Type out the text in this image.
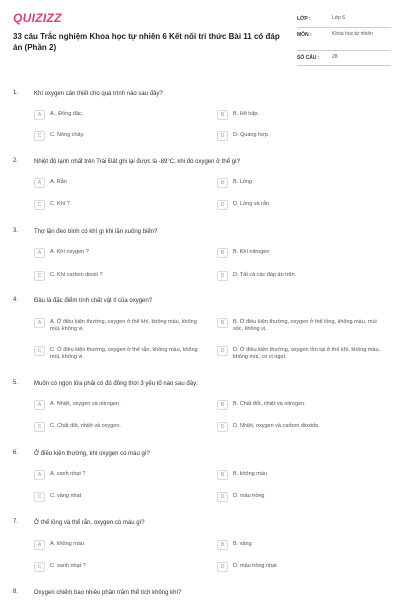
QUIZIZZ
33 câu Trắc nghiệm Khoa học tự nhiên 6 Kết nối tri thức Bài 11 có đáp án (Phần 2)
LỚP :	Lớp 6
MÔN :	Khoa học tự nhiên
SỐ CÂU :	28
1.	Khí oxygen cần thiết cho quá trình nào sau đây?
A	A.. Đông đặc.	B	B. Hô hấp.
C	C. Nóng chảy.	D	D. Quang hợp.
2.	Nhiệt độ lạnh nhất trên Trái Đất ghi lại được là -89°C, khi đó oxygen ở thể gì?
A	A. Rắn	B	B. Lỏng
C	C. Khí ?	D	D. Lỏng và rắn
3.	Thợ lặn đeo bình có khí gì khi lặn xuống biển?
A	A. Khí oxygen ?	B	B. Khí nitrogen
C	C. Khí carbon dioxit ?	D	D. Tất cả các đáp án trên.
4.	Đâu là đặc điểm tính chất vật lí của oxygen?
A	A. Ở điều kiện thường, oxygen ở thể khí, không màu, không mùi, không vị.
B	B. Ở điều kiện thường, oxygen ở thể lỏng, không màu, mùi sốc, không vị.
C	C. Ở điều kiện thường, oxygen ở thể rắn, không màu, không mùi, không vị.
D	D. Ở điều kiện thường, oxygen tồn tại ở thể khí, không màu, không mùi, có vị ngọt.
5.	Muốn có ngọn lửa phải có đủ đồng thời 3 yếu tố nào sau đây:
A	A. Nhiệt, oxygen và nitrogen.	B	B. Chất đốt, nhiệt và nitrogen.
C	C. Chất đốt, nhiệt và oxygen.	D	D. Nhiệt, oxygen và carbon dioxide.
6.	Ở điều kiện thường, khí oxygen có màu gì?
A	A. xanh nhạt ?	B	B. không màu
C	C. vàng nhạt	D	D. màu hồng
7.	Ở thể lỏng và thể rắn, oxygen có màu gì?
A	A. không màu	B	B. vàng
C	C. xanh nhạt ?	D	D. màu hồng nhạt
8.	Oxygen chiếm bao nhiêu phần trăm thể tích không khí?
